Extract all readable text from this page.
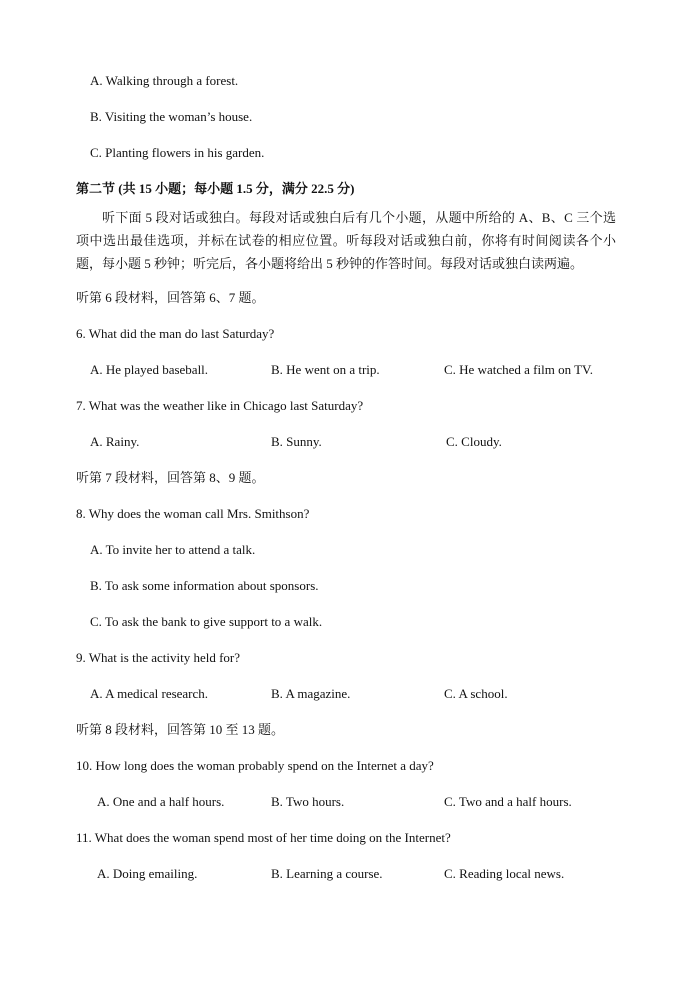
A. Walking through a forest.
B. Visiting the woman’s house.
C. Planting flowers in his garden.
第二节 (共 15 小题；每小题 1.5 分，满分 22.5 分)
听下面 5 段对话或独白。每段对话或独白后有几个小题，从题中所给的 A、B、C 三个选项中选出最佳选项，并标在试卷的相应位置。听每段对话或独白前，你将有时间阅读各个小题，每小题 5 秒钟；听完后，各小题将给出 5 秒钟的作答时间。每段对话或独白读两遍。
听第 6 段材料，回答第 6、7 题。
6. What did the man do last Saturday?
A. He played baseball.	B. He went on a trip.	C. He watched a film on TV.
7. What was the weather like in Chicago last Saturday?
A. Rainy.	B. Sunny.	C. Cloudy.
听第 7 段材料，回答第 8、9 题。
8. Why does the woman call Mrs. Smithson?
A. To invite her to attend a talk.
B. To ask some information about sponsors.
C. To ask the bank to give support to a walk.
9. What is the activity held for?
A. A medical research.	B. A magazine.	C. A school.
听第 8 段材料，回答第 10 至 13 题。
10. How long does the woman probably spend on the Internet a day?
A. One and a half hours.	B. Two hours.	C. Two and a half hours.
11. What does the woman spend most of her time doing on the Internet?
A. Doing emailing.	B. Learning a course.	C. Reading local news.
